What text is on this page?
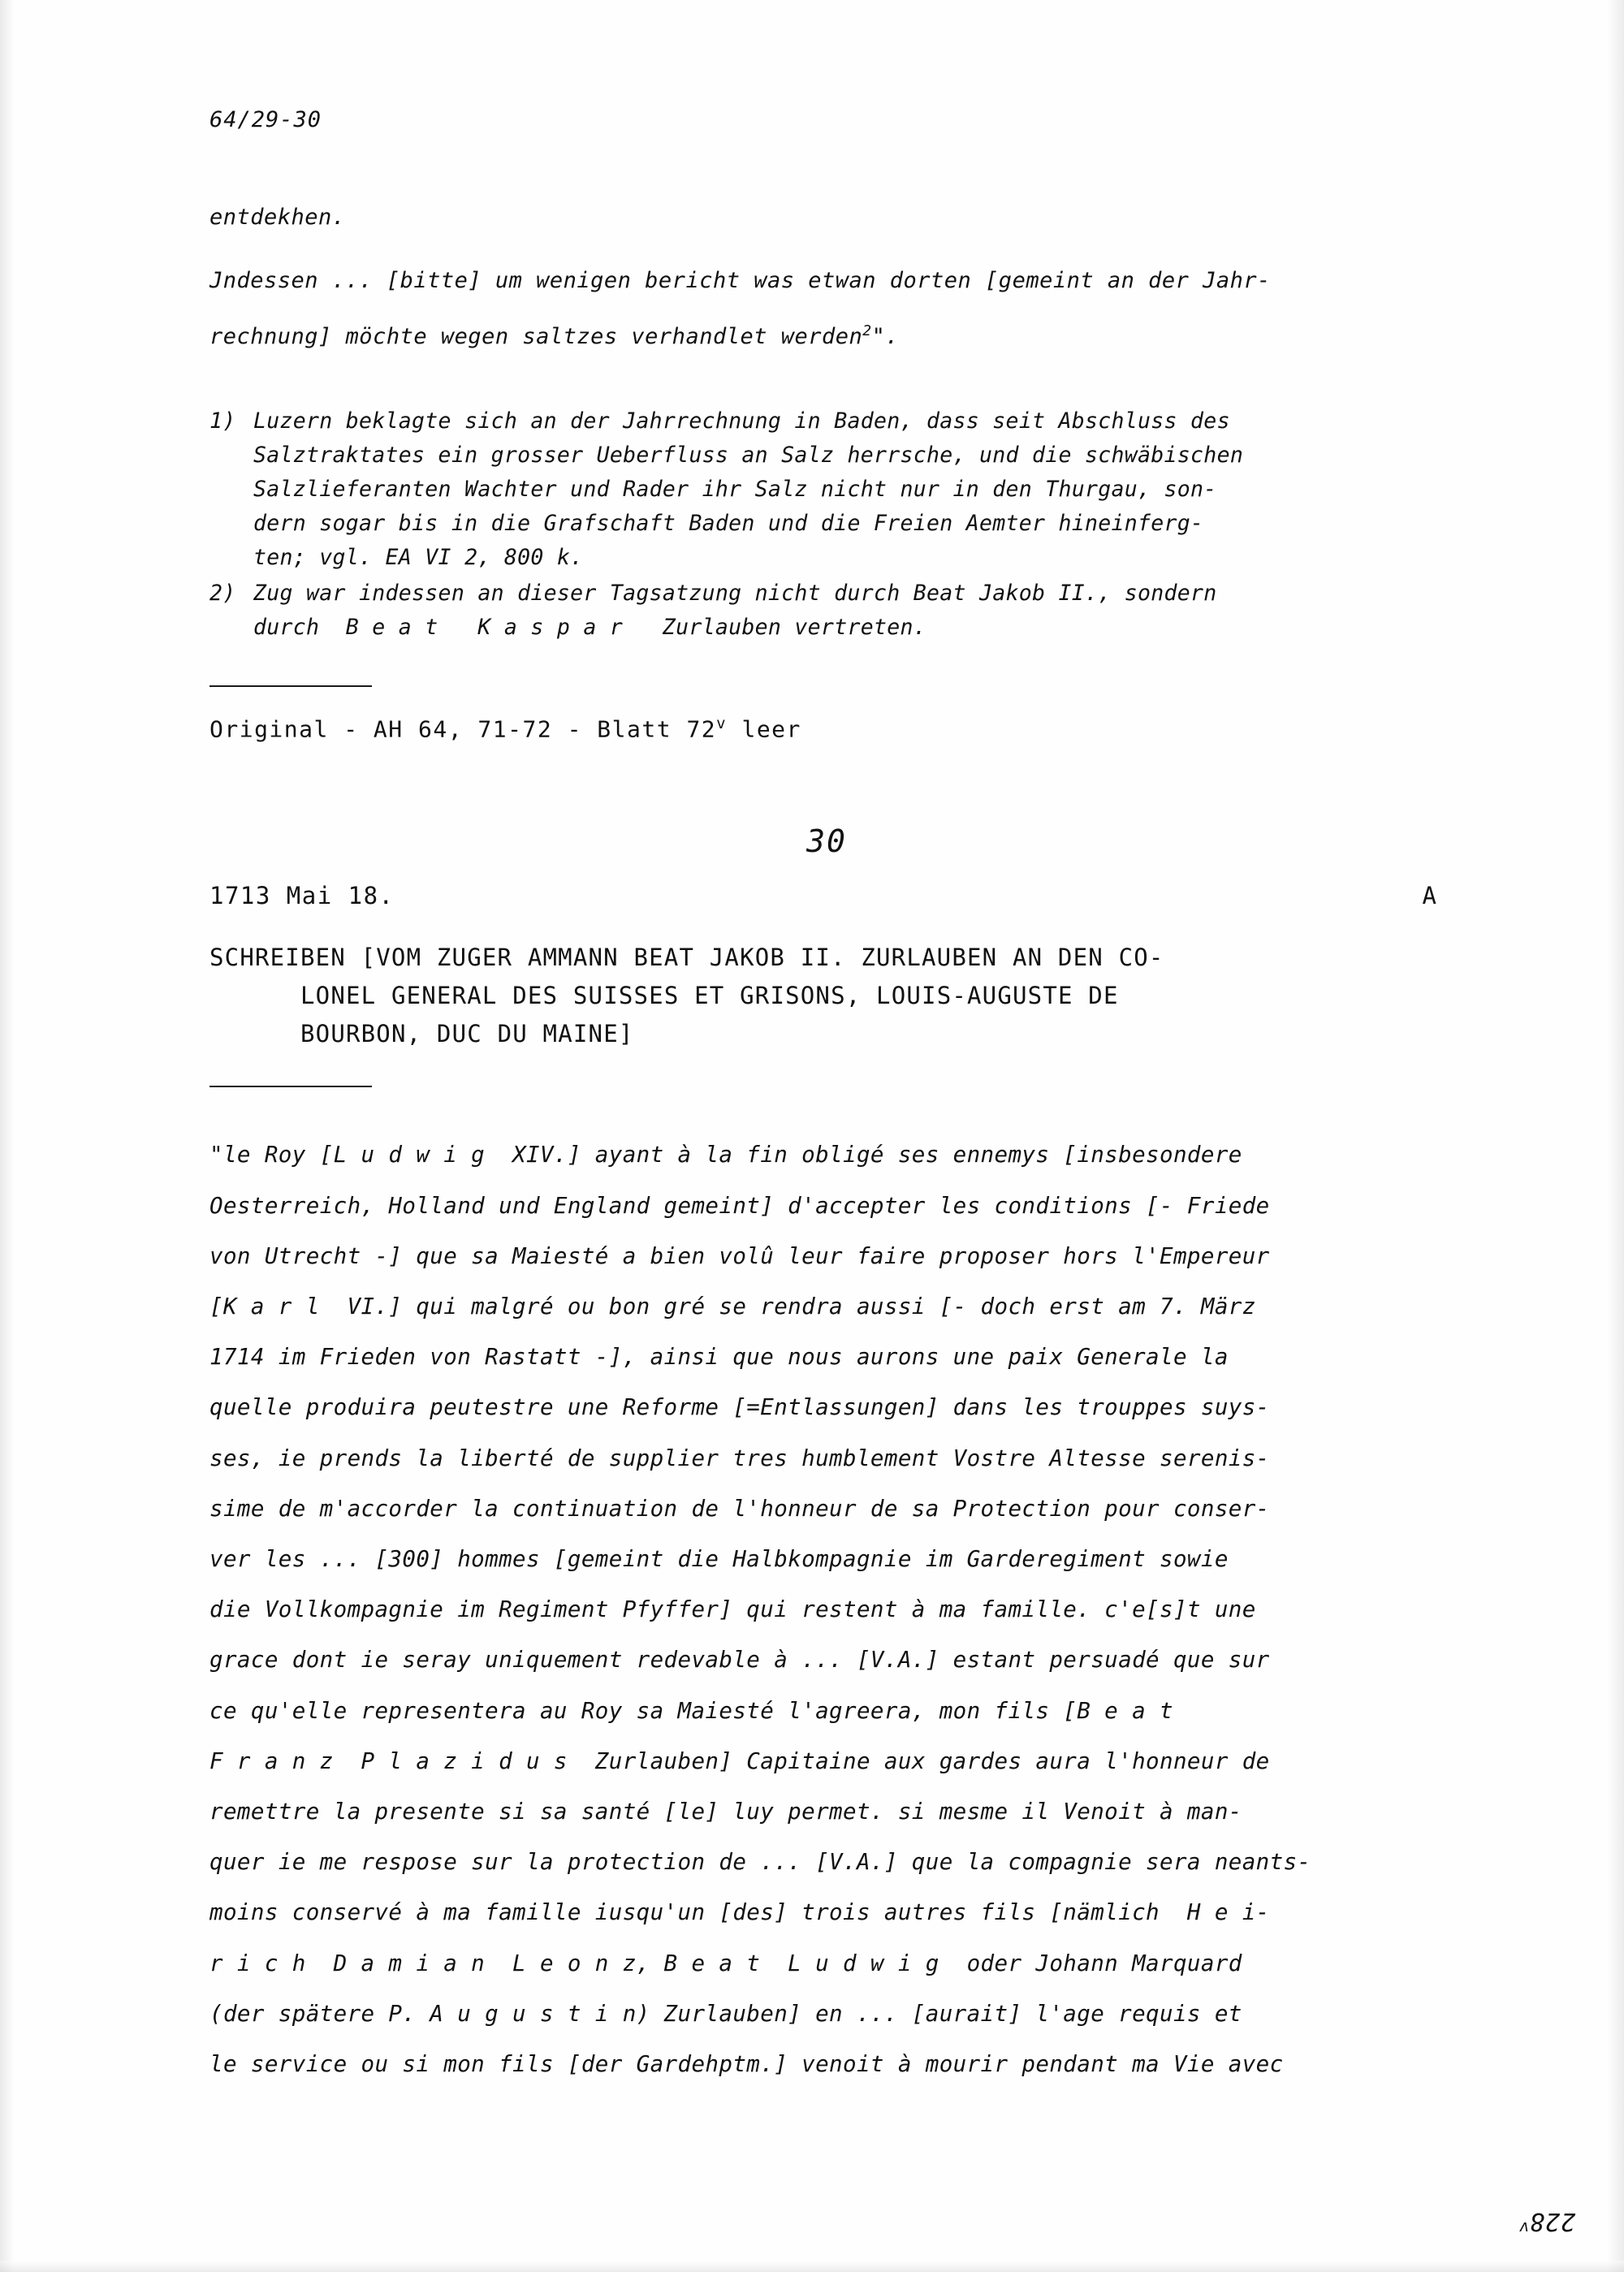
64/29-30
entdekhen.
Jndessen ... [bitte] um wenigen bericht was etwan dorten [gemeint an der Jahr-
rechnung] möchte wegen saltzes verhandlet werden$^2$".
1) Luzern beklagte sich an der Jahrrechnung in Baden, dass seit Abschluss des
Salztraktates ein grosser Ueberfluss an Salz herrsche, und die schwäbischen
Salzlieferanten Wachter und Rader ihr Salz nicht nur in den Thurgau, son-
dern sogar bis in die Grafschaft Baden und die Freien Aemter hineinferg-
ten; vgl. EA VI 2, 800 k.
2) Zug war indessen an dieser Tagsatzung nicht durch Beat Jakob II., sondern
durch  B e a t   K a s p a r   Zurlauben vertreten.
Original - AH 64, 71-72 - Blatt 72$^v$ leer
30
1713 Mai 18.	A
SCHREIBEN [VOM ZUGER AMMANN BEAT JAKOB II. ZURLAUBEN AN DEN CO-
LONEL GENERAL DES SUISSES ET GRISONS, LOUIS-AUGUSTE DE
BOURBON, DUC DU MAINE]
"le Roy [L u d w i g  XIV.] ayant à la fin obligé ses ennemys [insbesondere
Oesterreich, Holland und England gemeint] d'accepter les conditions [- Friede
von Utrecht -] que sa Maiesté a bien volû leur faire proposer hors l'Empereur
[K a r l  VI.] qui malgré ou bon gré se rendra aussi [- doch erst am 7. März
1714 im Frieden von Rastatt -], ainsi que nous aurons une paix Generale la
quelle produira peutestre une Reforme [=Entlassungen] dans les trouppes suys-
ses, ie prends la liberté de supplier tres humblement Vostre Altesse serenis-
sime de m'accorder la continuation de l'honneur de sa Protection pour conser-
ver les ... [300] hommes [gemeint die Halbkompagnie im Garderegiment sowie
die Vollkompagnie im Regiment Pfyffer] qui restent à ma famille. c'e[s]t une
grace dont ie seray uniquement redevable à ... [V.A.] estant persuadé que sur
ce qu'elle representera au Roy sa Maiesté l'agreera, mon fils [B e a t
F r a n z  P l a z i d u s  Zurlauben] Capitaine aux gardes aura l'honneur de
remettre la presente si sa santé [le] luy permet. si mesme il Venoit à man-
quer ie me respose sur la protection de ... [V.A.] que la compagnie sera neants-
moins conservé à ma famille iusqu'un [des] trois autres fils [nämlich  H e i-
r i c h  D a m i a n  L e o n z, B e a t  L u d w i g  oder Johann Marquard
(der spätere P. A u g u s t i n) Zurlauben] en ... [aurait] l'age requis et
le service ou si mon fils [der Gardehptm.] venoit à mourir pendant ma Vie avec
228$^v$
